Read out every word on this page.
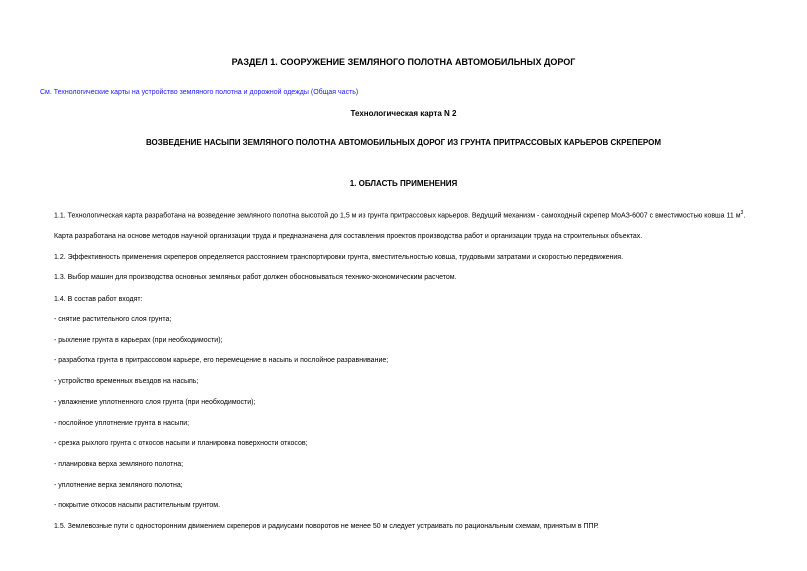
РАЗДЕЛ 1. СООРУЖЕНИЕ ЗЕМЛЯНОГО ПОЛОТНА АВТОМОБИЛЬНЫХ ДОРОГ
См. Технологические карты на устройство земляного полотна и дорожной одежды (Общая часть)
Технологическая карта N 2
ВОЗВЕДЕНИЕ НАСЫПИ ЗЕМЛЯНОГО ПОЛОТНА АВТОМОБИЛЬНЫХ ДОРОГ ИЗ ГРУНТА ПРИТРАССОВЫХ КАРЬЕРОВ СКРЕПЕРОМ
1. ОБЛАСТЬ ПРИМЕНЕНИЯ
1.1. Технологическая карта разработана на возведение земляного полотна высотой до 1,5 м из грунта притрассовых карьеров. Ведущий механизм - самоходный скрепер МоАЗ-6007 с вместимостью ковша 11 $м^3$.
Карта разработана на основе методов научной организации труда и предназначена для составления проектов производства работ и организации труда на строительных объектах.
1.2. Эффективность применения скреперов определяется расстоянием транспортировки грунта, вместительностью ковша, трудовыми затратами и скоростью передвижения.
1.3. Выбор машин для производства основных земляных работ должен обосновываться технико-экономическим расчетом.
1.4. В состав работ входят:
- снятие растительного слоя грунта;
- рыхление грунта в карьерах (при необходимости);
- разработка грунта в притрассовом карьере, его перемещение в насыпь и послойное разравнивание;
- устройство временных въездов на насыпь;
- увлажнение уплотненного слоя грунта (при необходимости);
- послойное уплотнение грунта в насыпи;
- срезка рыхлого грунта с откосов насыпи и планировка поверхности откосов;
- планировка верха земляного полотна;
- уплотнение верха земляного полотна;
- покрытие откосов насыпи растительным грунтом.
1.5. Землевозные пути с односторонним движением скреперов и радиусами поворотов не менее 50 м следует устраивать по рациональным схемам, принятым в ППР.
